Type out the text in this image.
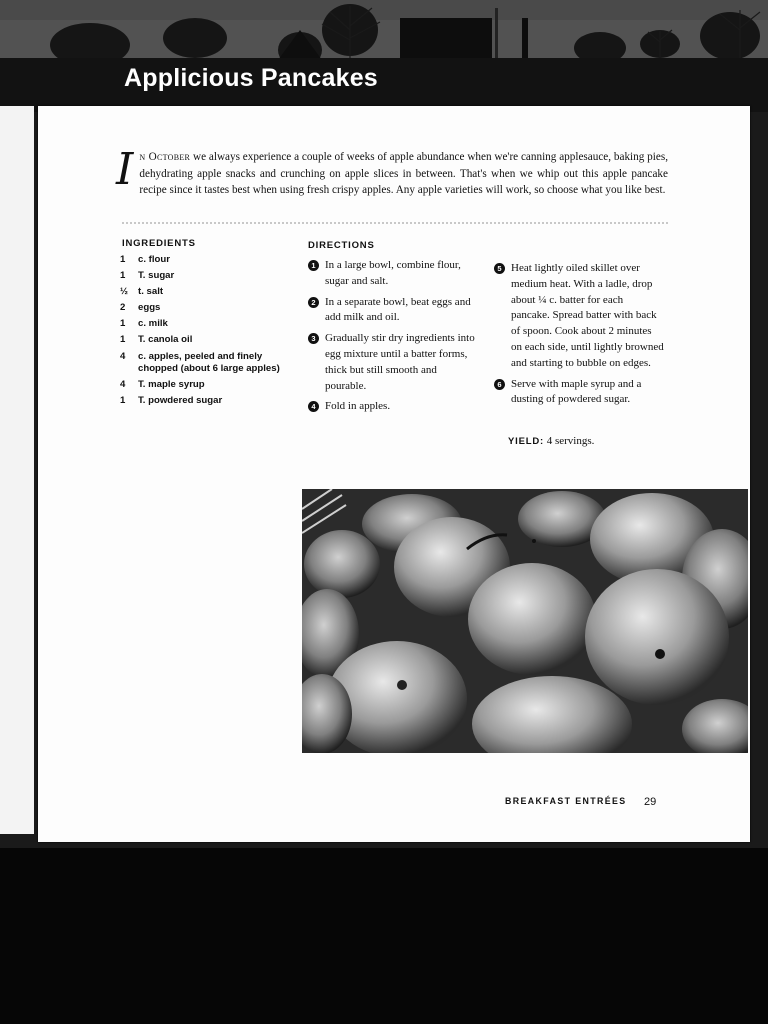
Applicious Pancakes

In October we always experience a couple of weeks of apple abundance when we're canning applesauce, baking pies, dehydrating apple snacks and crunching on apple slices in between. That's when we whip out this apple pancake recipe since it tastes best when using fresh crispy apples. Any apple varieties will work, so choose what you like best.

INGREDIENTS
1	c. flour
1	T. sugar
½	t. salt
2	eggs
1	c. milk
1	T. canola oil
4	c. apples, peeled and finely chopped (about 6 large apples)
4	T. maple syrup
1	T. powdered sugar
DIRECTIONS
1 In a large bowl, combine flour, sugar and salt.
2 In a separate bowl, beat eggs and add milk and oil.
3 Gradually stir dry ingredients into egg mixture until a batter forms, thick but still smooth and pourable.
4 Fold in apples.
5 Heat lightly oiled skillet over medium heat. With a ladle, drop about ¼ c. batter for each pancake. Spread batter with back of spoon. Cook about 2 minutes on each side, until lightly browned and starting to bubble on edges.
6 Serve with maple syrup and a dusting of powdered sugar.
YIELD: 4 servings.

BREAKFAST ENTRÉES 29
